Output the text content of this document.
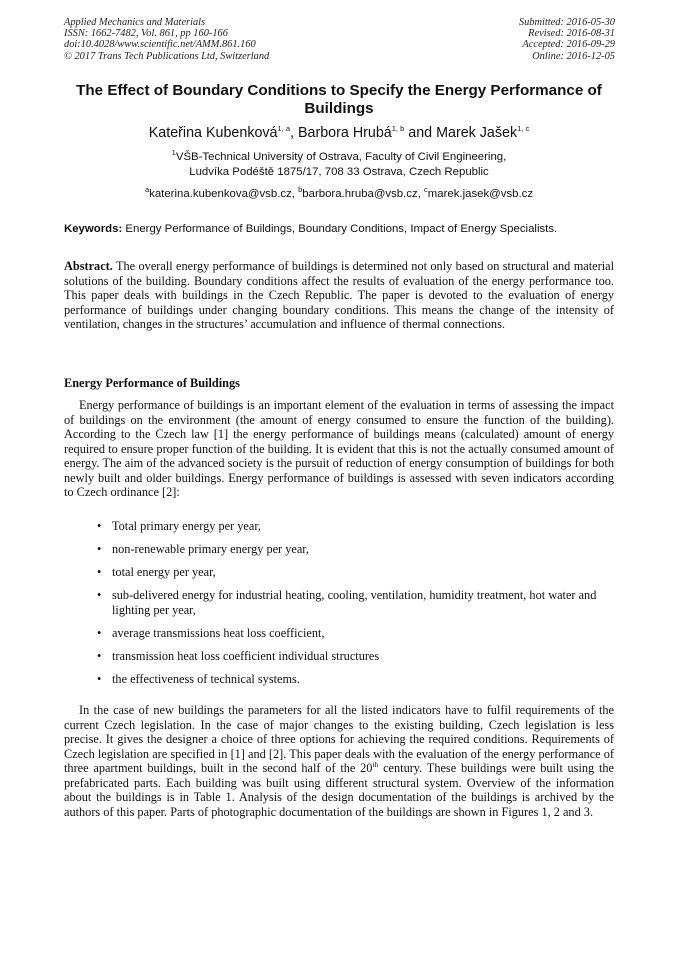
Applied Mechanics and Materials
ISSN: 1662-7482, Vol. 861, pp 160-166
doi:10.4028/www.scientific.net/AMM.861.160
© 2017 Trans Tech Publications Ltd, Switzerland
Submitted: 2016-05-30
Revised: 2016-08-31
Accepted: 2016-09-29
Online: 2016-12-05
The Effect of Boundary Conditions to Specify the Energy Performance of Buildings
Kateřina Kubenková$^{1, a}$, Barbora Hrubá$^{1, b}$ and Marek Jašek$^{1, c}$
$^1$VŠB-Technical University of Ostrava, Faculty of Civil Engineering,
Ludvíka Podéště 1875/17, 708 33 Ostrava, Czech Republic
$^a$katerina.kubenkova@vsb.cz, $^b$barbora.hruba@vsb.cz, $^c$marek.jasek@vsb.cz
Keywords: Energy Performance of Buildings, Boundary Conditions, Impact of Energy Specialists.

Abstract. The overall energy performance of buildings is determined not only based on structural and material solutions of the building. Boundary conditions affect the results of evaluation of the energy performance too. This paper deals with buildings in the Czech Republic. The paper is devoted to the evaluation of energy performance of buildings under changing boundary conditions. This means the change of the intensity of ventilation, changes in the structures’ accumulation and influence of thermal connections.

Energy Performance of Buildings

Energy performance of buildings is an important element of the evaluation in terms of assessing the impact of buildings on the environment (the amount of energy consumed to ensure the function of the building). According to the Czech law [1] the energy performance of buildings means (calculated) amount of energy required to ensure proper function of the building. It is evident that this is not the actually consumed amount of energy. The aim of the advanced society is the pursuit of reduction of energy consumption of buildings for both newly built and older buildings. Energy performance of buildings is assessed with seven indicators according to Czech ordinance [2]:

• Total primary energy per year,
• non-renewable primary energy per year,
• total energy per year,
• sub-delivered energy for industrial heating, cooling, ventilation, humidity treatment, hot water and lighting per year,
• average transmissions heat loss coefficient,
• transmission heat loss coefficient individual structures
• the effectiveness of technical systems.

In the case of new buildings the parameters for all the listed indicators have to fulfil requirements of the current Czech legislation. In the case of major changes to the existing building, Czech legislation is less precise. It gives the designer a choice of three options for achieving the required conditions. Requirements of Czech legislation are specified in [1] and [2]. This paper deals with the evaluation of the energy performance of three apartment buildings, built in the second half of the 20th century. These buildings were built using the prefabricated parts. Each building was built using different structural system. Overview of the information about the buildings is in Table 1. Analysis of the design documentation of the buildings is archived by the authors of this paper. Parts of photographic documentation of the buildings are shown in Figures 1, 2 and 3.
